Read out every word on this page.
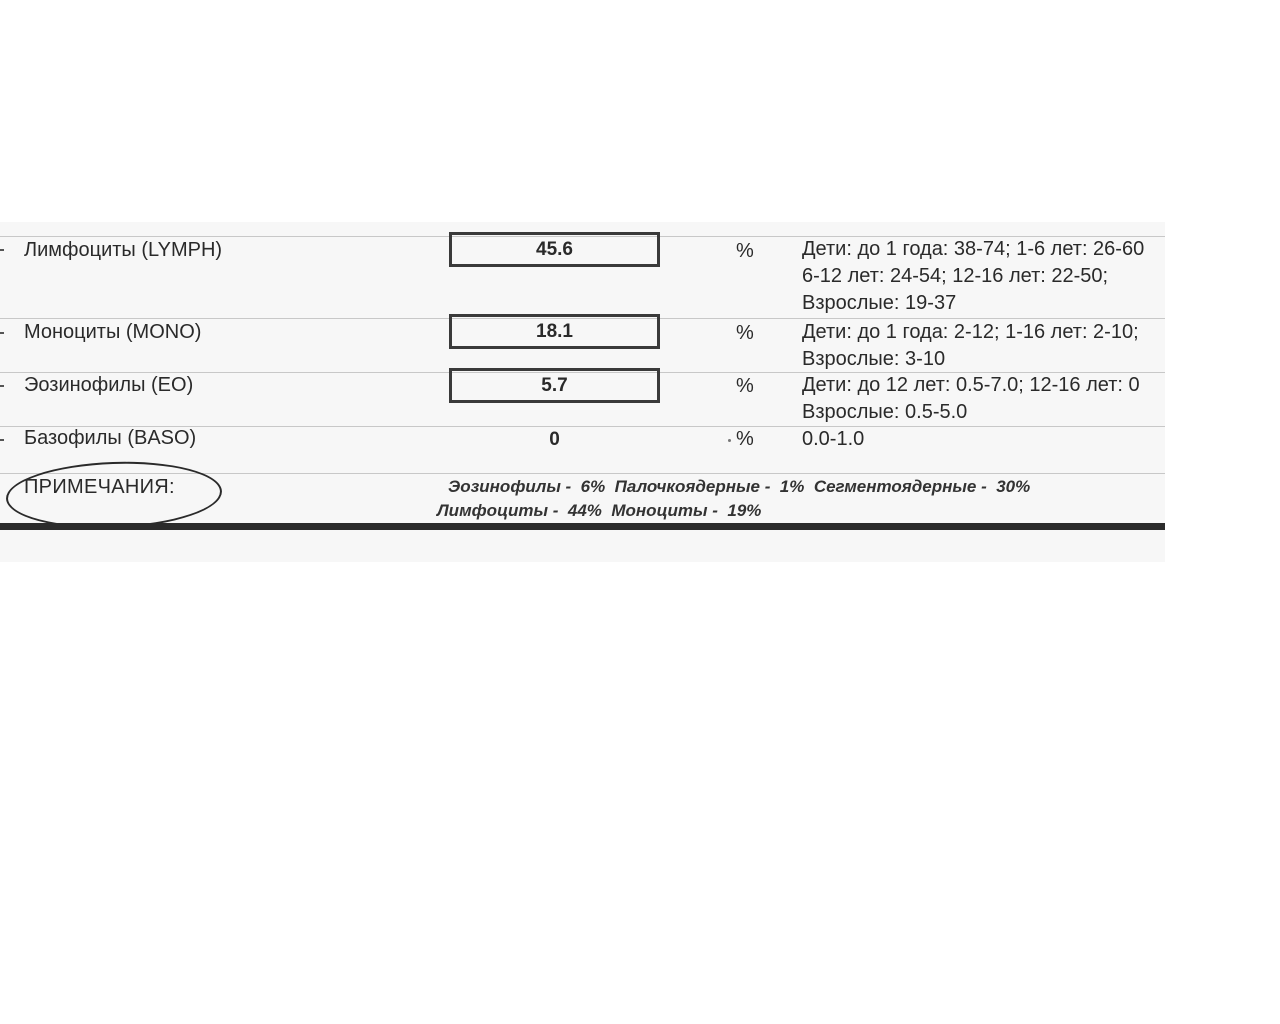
Лимфоциты (LYMPH)	45.6	% Дети: до 1 года: 38-74; 1-6 лет: 26-60
6-12 лет: 24-54; 12-16 лет: 22-50;
Взрослые: 19-37
Моноциты (MONO)	18.1	% Дети: до 1 года: 2-12; 1-16 лет: 2-10;
Взрослые: 3-10
Эозинофилы (EO)	5.7	% Дети: до 12 лет: 0.5-7.0; 12-16 лет: 0
Взрослые: 0.5-5.0
Базофилы (BASO)	0	% 0.0-1.0
ПРИМЕЧАНИЯ:	Эозинофилы -  6%  Палочкоядерные -  1%  Сегментоядерные -  30%
Лимфоциты -  44%  Моноциты -  19%
